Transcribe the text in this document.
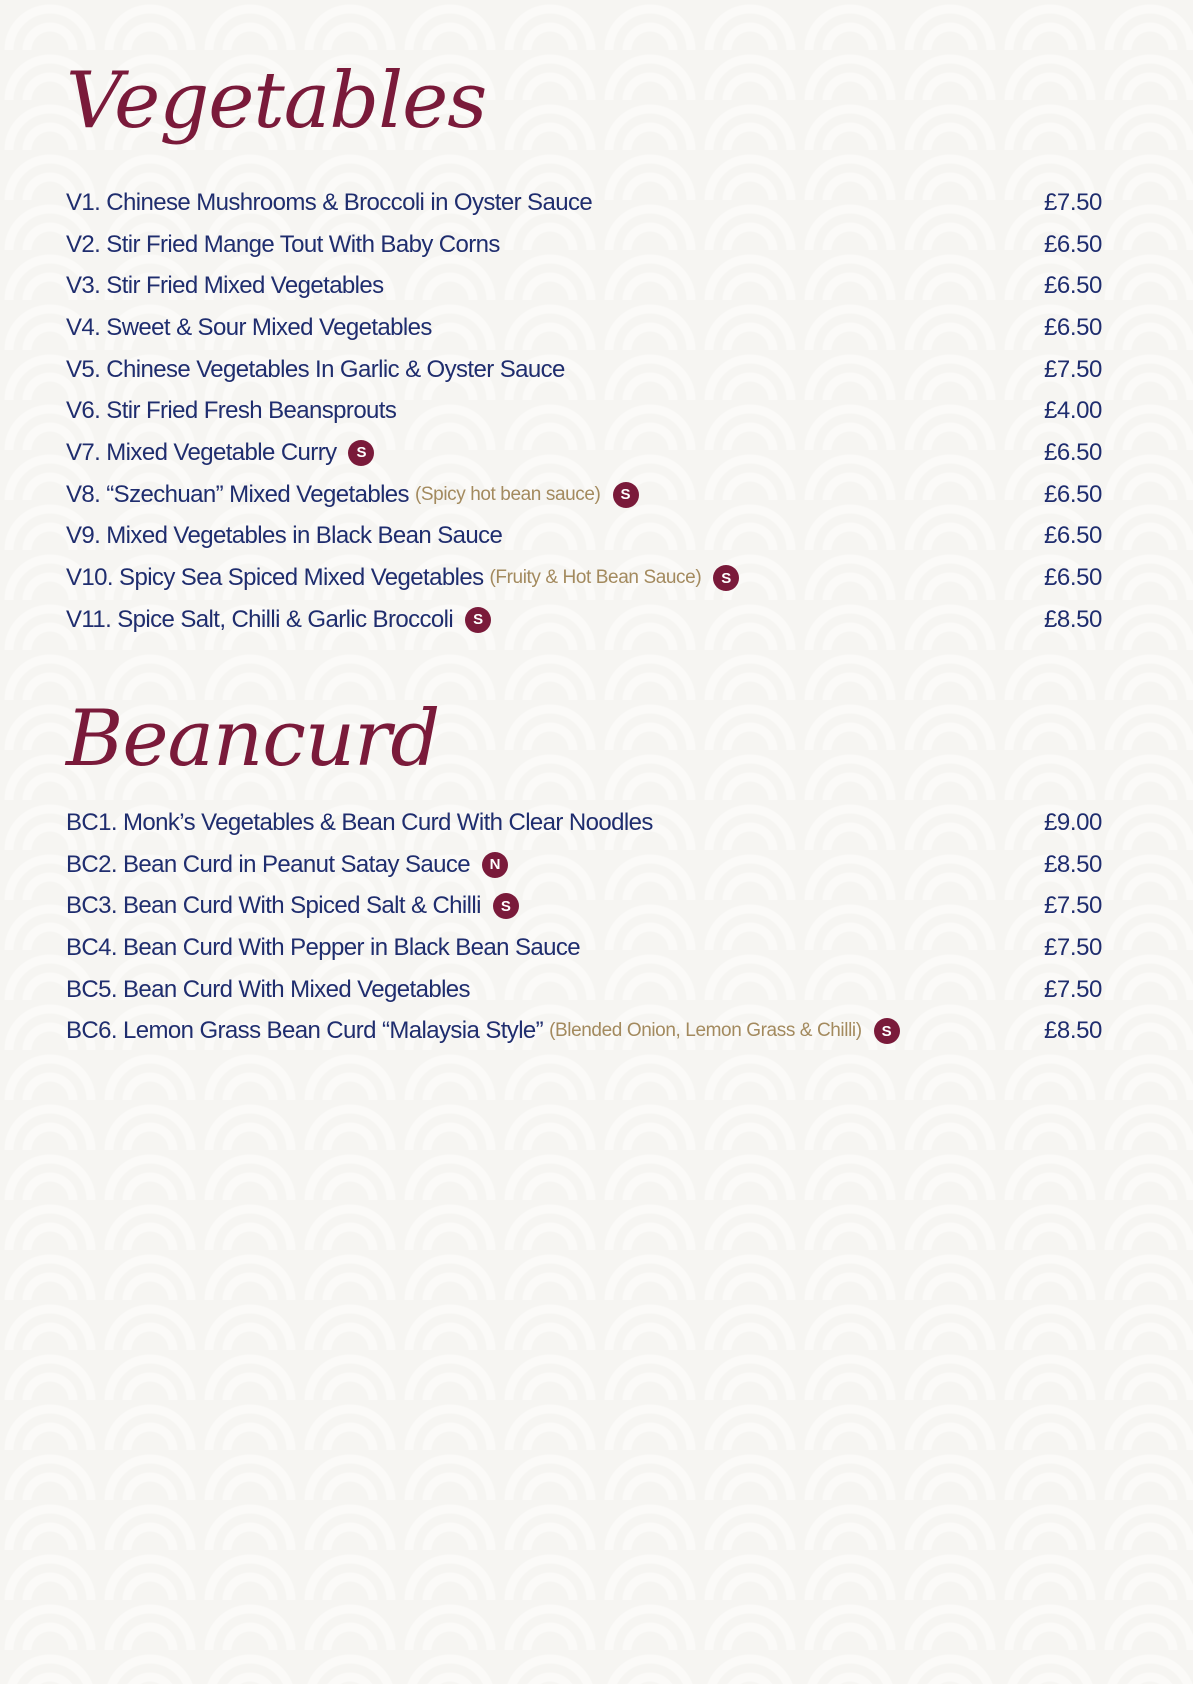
Vegetables
V1. Chinese Mushrooms & Broccoli in Oyster Sauce	£7.50
V2. Stir Fried Mange Tout With Baby Corns	£6.50
V3. Stir Fried Mixed Vegetables	£6.50
V4. Sweet & Sour Mixed Vegetables	£6.50
V5. Chinese Vegetables In Garlic & Oyster Sauce	£7.50
V6. Stir Fried Fresh Beansprouts	£4.00
V7. Mixed Vegetable Curry	S	£6.50
V8. “Szechuan” Mixed Vegetables (Spicy hot bean sauce)	S	£6.50
V9. Mixed Vegetables in Black Bean Sauce	£6.50
V10. Spicy Sea Spiced Mixed Vegetables (Fruity & Hot Bean Sauce)	S	£6.50
V11. Spice Salt, Chilli & Garlic Broccoli	S	£8.50
Beancurd
BC1. Monk’s Vegetables & Bean Curd With Clear Noodles	£9.00
BC2. Bean Curd in Peanut Satay Sauce	N	£8.50
BC3. Bean Curd With Spiced Salt & Chilli	S	£7.50
BC4. Bean Curd With Pepper in Black Bean Sauce	£7.50
BC5. Bean Curd With Mixed Vegetables	£7.50
BC6. Lemon Grass Bean Curd “Malaysia Style” (Blended Onion, Lemon Grass & Chilli)	S	£8.50
